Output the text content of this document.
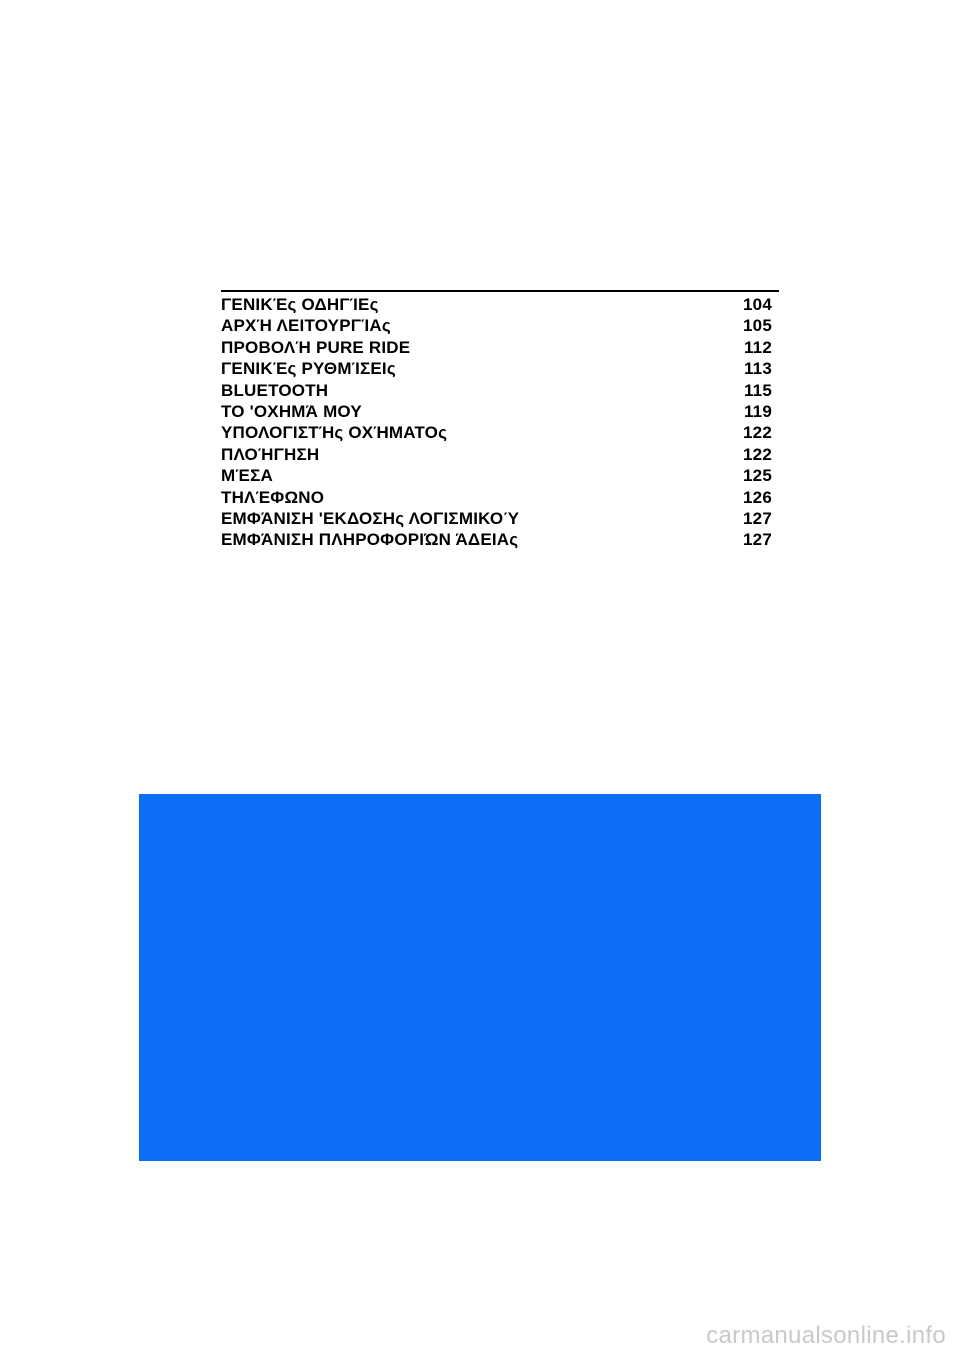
ΓΕΝΙΚΈς ΟΔΗΓΊΕς	104
ΑΡΧΉ ΛΕΙΤΟΥΡΓΊΑς	105
ΠΡΟΒΟΛΉ PURE RIDE	112
ΓΕΝΙΚΈς ΡΥΘΜΊΣΕΙς	113
BLUETOOTH	115
ΤΟ 'ΟΧΗΜΆ ΜΟΥ	119
ΥΠΟΛΟΓΙΣΤΉς ΟΧΉΜΑΤΟς	122
ΠΛΟΉΓΗΣΗ	122
ΜΈΣΑ	125
ΤΗΛΈΦΩΝΟ	126
ΕΜΦΆΝΙΣΗ 'ΕΚΔΟΣΗς ΛΟΓΙΣΜΙΚΟΎ	127
ΕΜΦΆΝΙΣΗ ΠΛΗΡΟΦΟΡΙΏΝ ΆΔΕΙΑς	127
carmanualsonline.info
